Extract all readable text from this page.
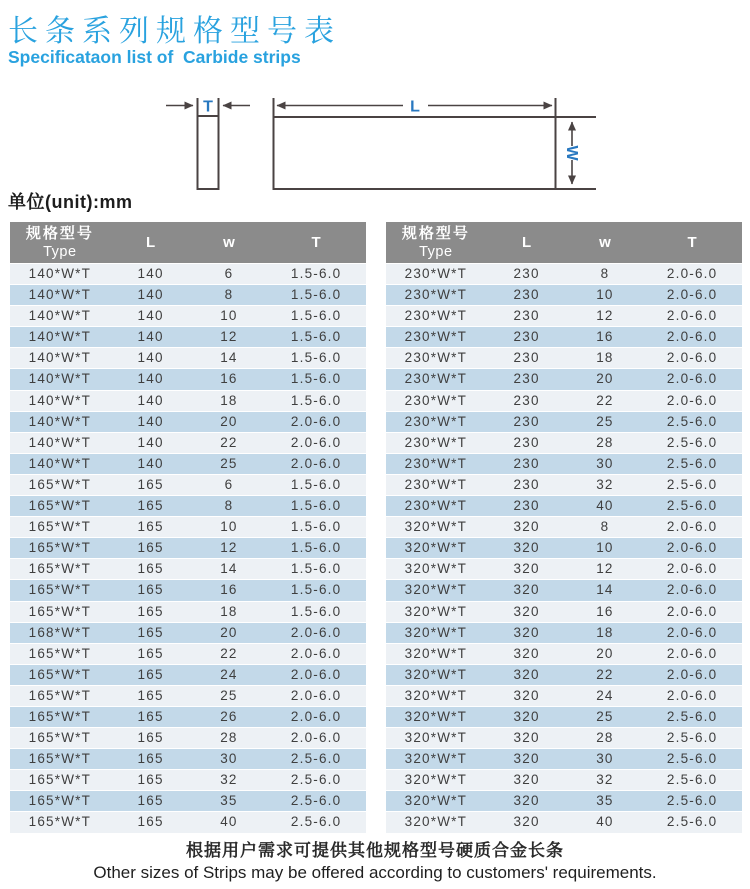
长条系列规格型号表
Specificataon list of  Carbide strips
T	L
W
单位(unit):mm
规格型号
Type
L	w	T
140*W*T	140	6	1.5-6.0
140*W*T	140	8	1.5-6.0
140*W*T	140	10	1.5-6.0
140*W*T	140	12	1.5-6.0
140*W*T	140	14	1.5-6.0
140*W*T	140	16	1.5-6.0
140*W*T	140	18	1.5-6.0
140*W*T	140	20	2.0-6.0
140*W*T	140	22	2.0-6.0
140*W*T	140	25	2.0-6.0
165*W*T	165	6	1.5-6.0
165*W*T	165	8	1.5-6.0
165*W*T	165	10	1.5-6.0
165*W*T	165	12	1.5-6.0
165*W*T	165	14	1.5-6.0
165*W*T	165	16	1.5-6.0
165*W*T	165	18	1.5-6.0
168*W*T	165	20	2.0-6.0
165*W*T	165	22	2.0-6.0
165*W*T	165	24	2.0-6.0
165*W*T	165	25	2.0-6.0
165*W*T	165	26	2.0-6.0
165*W*T	165	28	2.0-6.0
165*W*T	165	30	2.5-6.0
165*W*T	165	32	2.5-6.0
165*W*T	165	35	2.5-6.0
165*W*T	165	40	2.5-6.0
规格型号
Type
L	w	T
230*W*T	230	8	2.0-6.0
230*W*T	230	10	2.0-6.0
230*W*T	230	12	2.0-6.0
230*W*T	230	16	2.0-6.0
230*W*T	230	18	2.0-6.0
230*W*T	230	20	2.0-6.0
230*W*T	230	22	2.0-6.0
230*W*T	230	25	2.5-6.0
230*W*T	230	28	2.5-6.0
230*W*T	230	30	2.5-6.0
230*W*T	230	32	2.5-6.0
230*W*T	230	40	2.5-6.0
320*W*T	320	8	2.0-6.0
320*W*T	320	10	2.0-6.0
320*W*T	320	12	2.0-6.0
320*W*T	320	14	2.0-6.0
320*W*T	320	16	2.0-6.0
320*W*T	320	18	2.0-6.0
320*W*T	320	20	2.0-6.0
320*W*T	320	22	2.0-6.0
320*W*T	320	24	2.0-6.0
320*W*T	320	25	2.5-6.0
320*W*T	320	28	2.5-6.0
320*W*T	320	30	2.5-6.0
320*W*T	320	32	2.5-6.0
320*W*T	320	35	2.5-6.0
320*W*T	320	40	2.5-6.0
根据用户需求可提供其他规格型号硬质合金长条
Other sizes of Strips may be offered according to customers' requirements.
